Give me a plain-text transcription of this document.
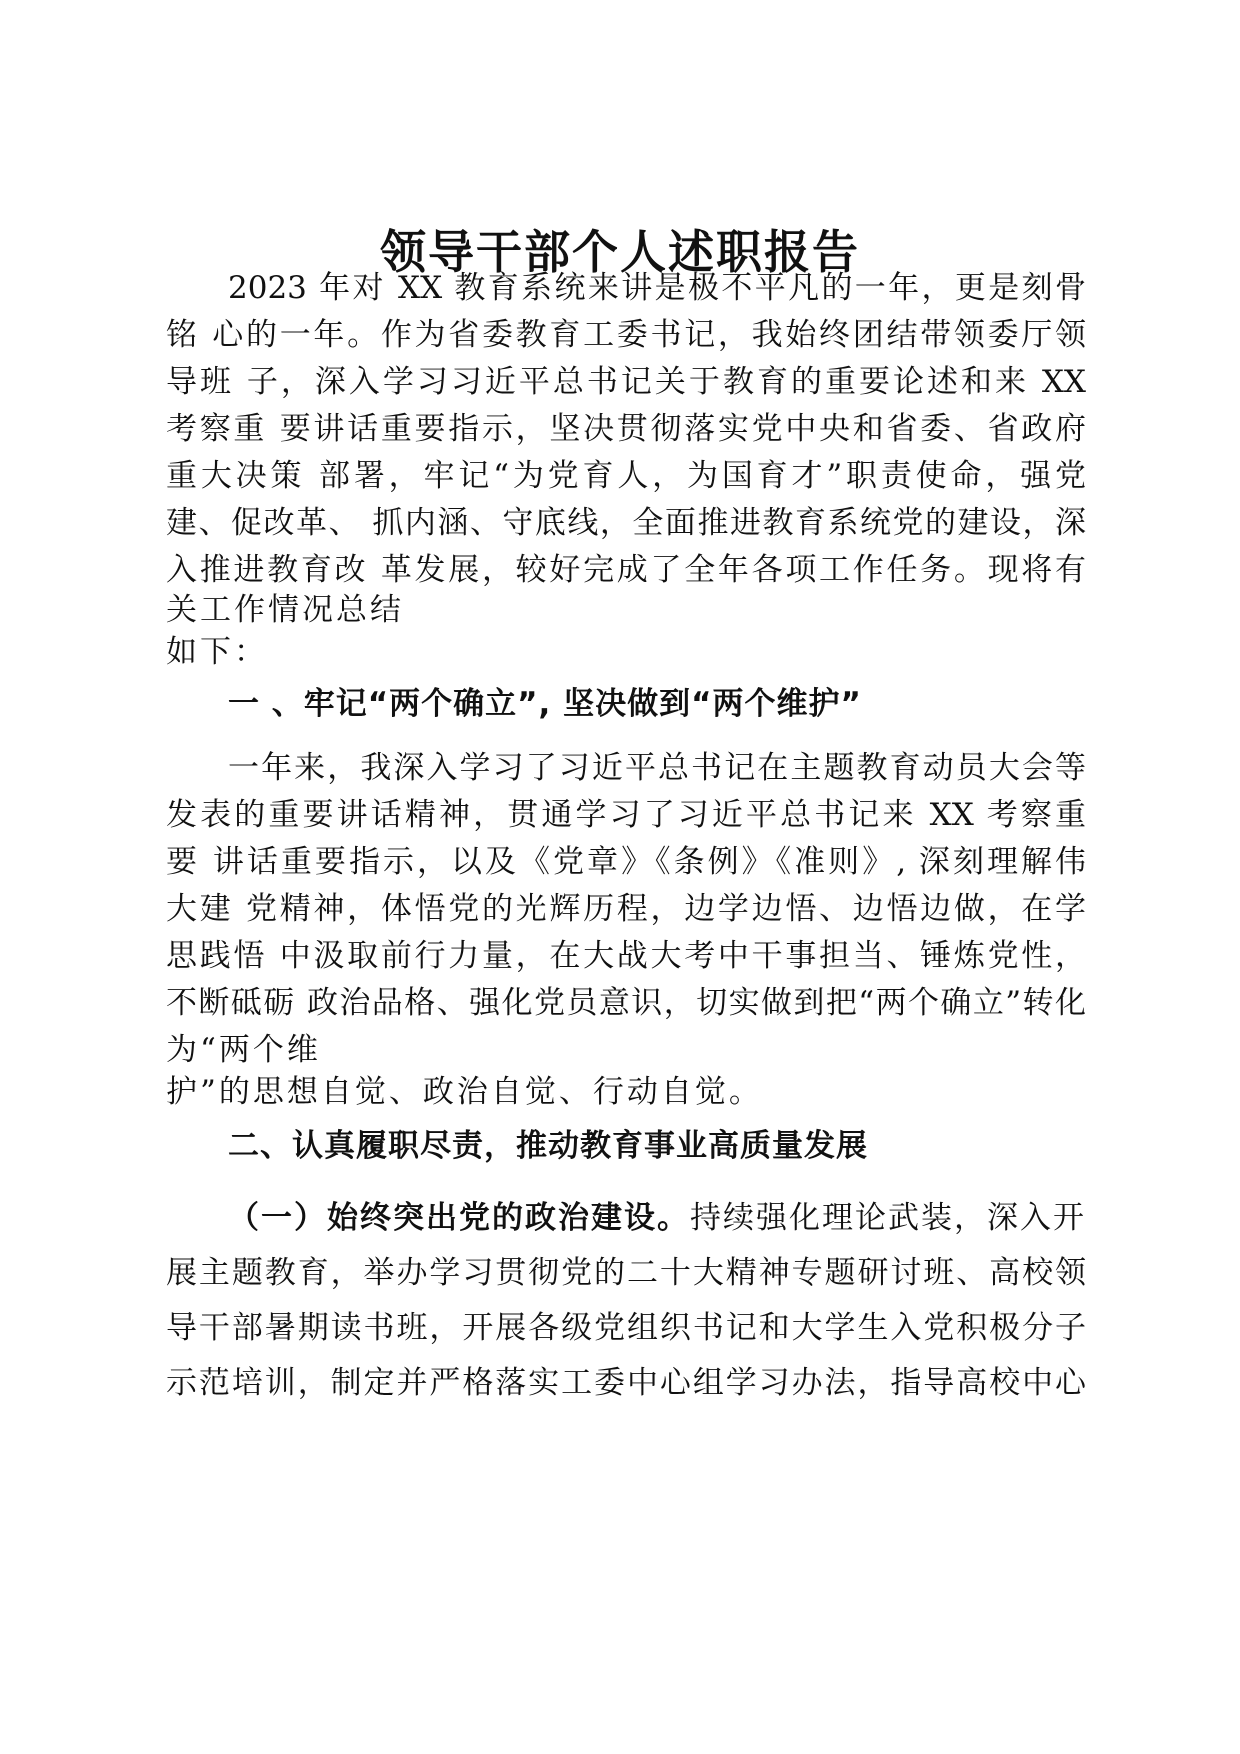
领导干部个人述职报告
2023 年对 XX 教育系统来讲是极不平凡的一年，更是刻骨
铭 心的一年。作为省委教育工委书记，我始终团结带领委厅领
导班 子，深入学习习近平总书记关于教育的重要论述和来 XX
考察重 要讲话重要指示，坚决贯彻落实党中央和省委、省政府
重大决策 部署，牢记“为党育人，为国育才”职责使命，强党
建、促改革、 抓内涵、守底线，全面推进教育系统党的建设，深
入推进教育改 革发展，较好完成了全年各项工作任务。现将有
关工作情况总结
如下：
一 、牢记“两个确立”, 坚决做到“两个维护”
一年来，我深入学习了习近平总书记在主题教育动员大会等
发表的重要讲话精神，贯通学习了习近平总书记来 XX 考察重
要 讲话重要指示，以及《党章》《条例》《准则》, 深刻理解伟
大建 党精神，体悟党的光辉历程，边学边悟、边悟边做，在学
思践悟 中汲取前行力量，在大战大考中干事担当、锤炼党性，
不断砥砺 政治品格、强化党员意识，切实做到把“两个确立”转化
为“两个维
护”的思想自觉、政治自觉、行动自觉。
二、认真履职尽责，推动教育事业高质量发展
（一）始终突出党的政治建设。持续强化理论武装，深入开
展主题教育，举办学习贯彻党的二十大精神专题研讨班、高校领
导干部暑期读书班，开展各级党组织书记和大学生入党积极分子
示范培训，制定并严格落实工委中心组学习办法，指导高校中心
